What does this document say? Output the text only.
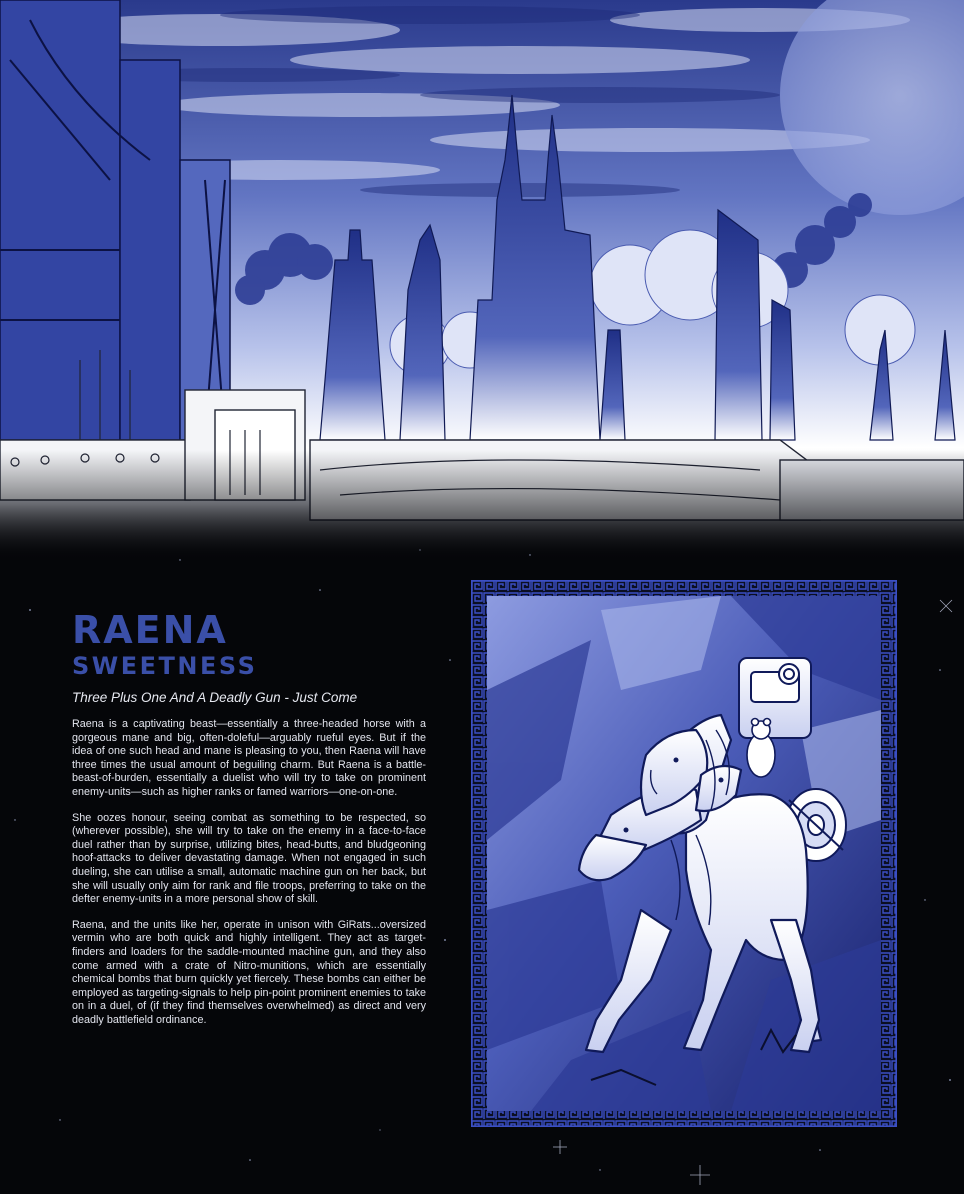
RAENA
SWEETNESS

Three Plus One And A Deadly Gun - Just Come

Raena is a captivating beast—essentially a three-headed horse with a gorgeous mane and big, often-doleful—arguably rueful eyes. But if the idea of one such head and mane is pleasing to you, then Raena will have three times the usual amount of beguiling charm. But Raena is a battle-beast-of-burden, essentially a duelist who will try to take on prominent enemy-units—such as higher ranks or famed warriors—one-on-one.

She oozes honour, seeing combat as something to be respected, so (wherever possible), she will try to take on the enemy in a face-to-face duel rather than by surprise, utilizing bites, head-butts, and bludgeoning hoof-attacks to deliver devastating damage. When not engaged in such dueling, she can utilise a small, automatic machine gun on her back, but she will usually only aim for rank and file troops, preferring to take on the defter enemy-units in a more personal show of skill.

Raena, and the units like her, operate in unison with GiRats...oversized vermin who are both quick and highly intelligent. They act as target-finders and loaders for the saddle-mounted machine gun, and they also come armed with a crate of Nitro-munitions, which are essentially chemical bombs that burn quickly yet fiercely. These bombs can either be employed as targeting-signals to help pin-point prominent enemies to take on in a duel, of (if they find themselves overwhelmed) as direct and very deadly battlefield ordinance.
